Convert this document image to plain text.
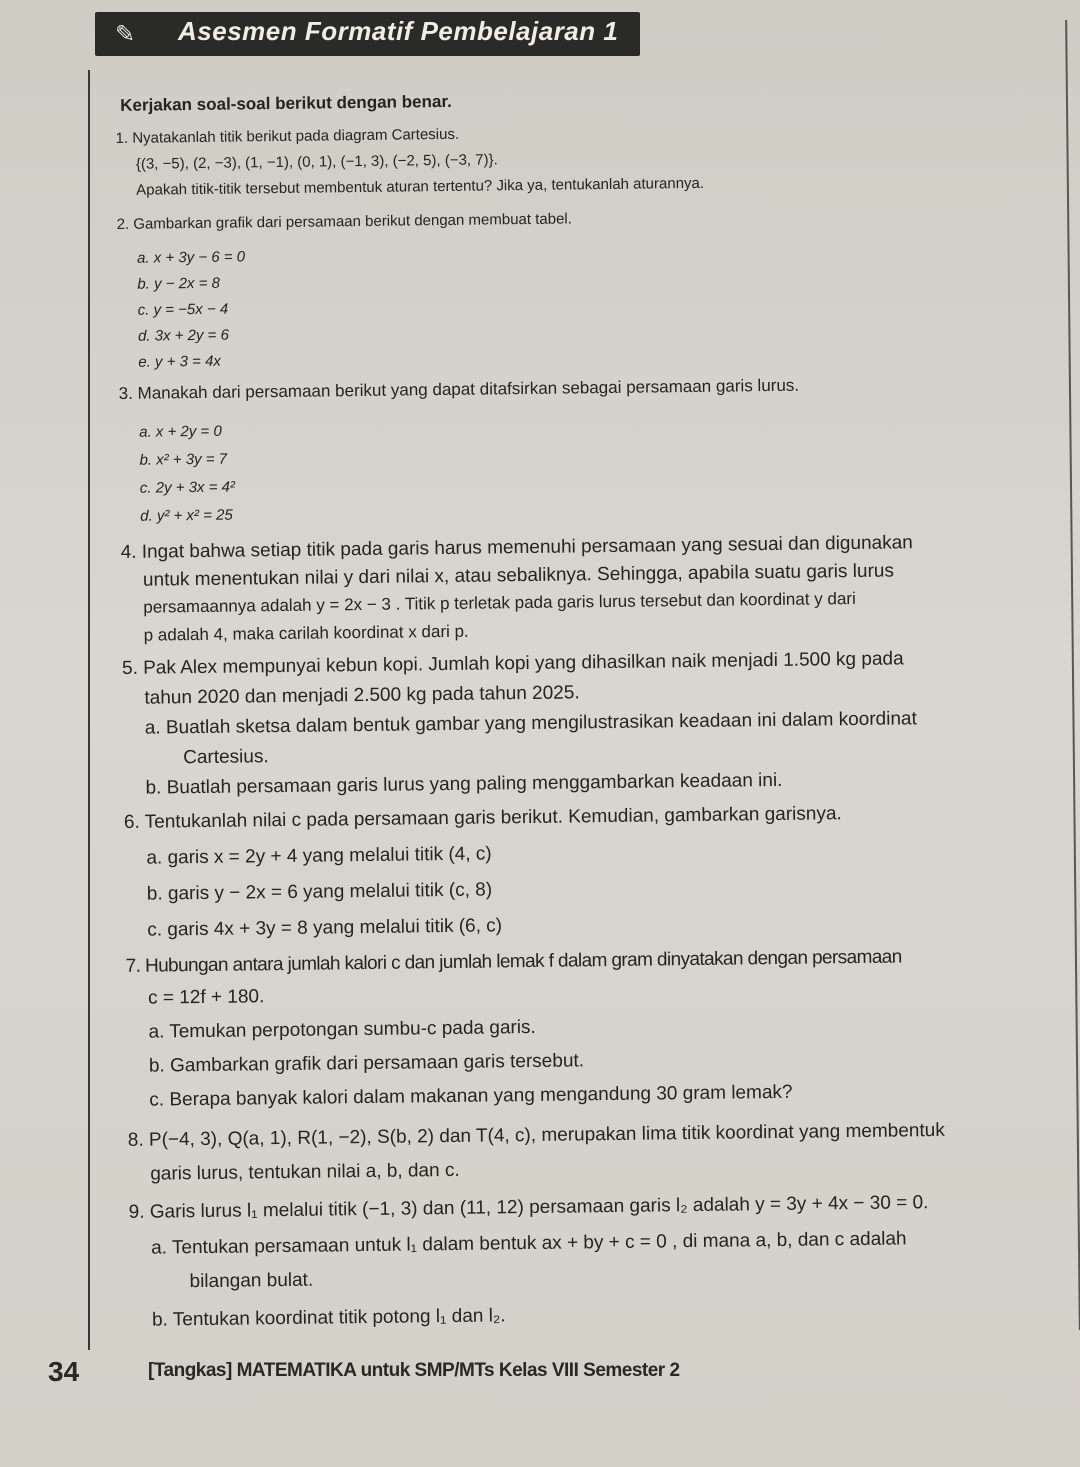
✎	Asesmen Formatif Pembelajaran 1
Kerjakan soal-soal berikut dengan benar.
1. Nyatakanlah titik berikut pada diagram Cartesius.
{(3, −5), (2, −3), (1, −1), (0, 1), (−1, 3), (−2, 5), (−3, 7)}.
Apakah titik-titik tersebut membentuk aturan tertentu? Jika ya, tentukanlah aturannya.
2. Gambarkan grafik dari persamaan berikut dengan membuat tabel.
a. x + 3y − 6 = 0
b. y − 2x = 8
c. y = −5x − 4
d. 3x + 2y = 6
e. y + 3 = 4x
3. Manakah dari persamaan berikut yang dapat ditafsirkan sebagai persamaan garis lurus.
a. x + 2y = 0
b. x² + 3y = 7
c. 2y + 3x = 4²
d. y² + x² = 25
4. Ingat bahwa setiap titik pada garis harus memenuhi persamaan yang sesuai dan digunakan
untuk menentukan nilai y dari nilai x, atau sebaliknya. Sehingga, apabila suatu garis lurus
persamaannya adalah y = 2x − 3 . Titik p terletak pada garis lurus tersebut dan koordinat y dari
p adalah 4, maka carilah koordinat x dari p.
5. Pak Alex mempunyai kebun kopi. Jumlah kopi yang dihasilkan naik menjadi 1.500 kg pada
tahun 2020 dan menjadi 2.500 kg pada tahun 2025.
a. Buatlah sketsa dalam bentuk gambar yang mengilustrasikan keadaan ini dalam koordinat
Cartesius.
b. Buatlah persamaan garis lurus yang paling menggambarkan keadaan ini.
6. Tentukanlah nilai c pada persamaan garis berikut. Kemudian, gambarkan garisnya.
a. garis x = 2y + 4 yang melalui titik (4, c)
b. garis y − 2x = 6 yang melalui titik (c, 8)
c. garis 4x + 3y = 8 yang melalui titik (6, c)
7. Hubungan antara jumlah kalori c dan jumlah lemak f dalam gram dinyatakan dengan persamaan
c = 12f + 180.
a. Temukan perpotongan sumbu-c pada garis.
b. Gambarkan grafik dari persamaan garis tersebut.
c. Berapa banyak kalori dalam makanan yang mengandung 30 gram lemak?
8. P(−4, 3), Q(a, 1), R(1, −2), S(b, 2) dan T(4, c), merupakan lima titik koordinat yang membentuk
garis lurus, tentukan nilai a, b, dan c.
9. Garis lurus l₁ melalui titik (−1, 3) dan (11, 12) persamaan garis l₂ adalah y = 3y + 4x − 30 = 0.
a. Tentukan persamaan untuk l₁ dalam bentuk ax + by + c = 0 , di mana a, b, dan c adalah
bilangan bulat.
b. Tentukan koordinat titik potong l₁ dan l₂.
34	[Tangkas] MATEMATIKA untuk SMP/MTs Kelas VIII Semester 2
